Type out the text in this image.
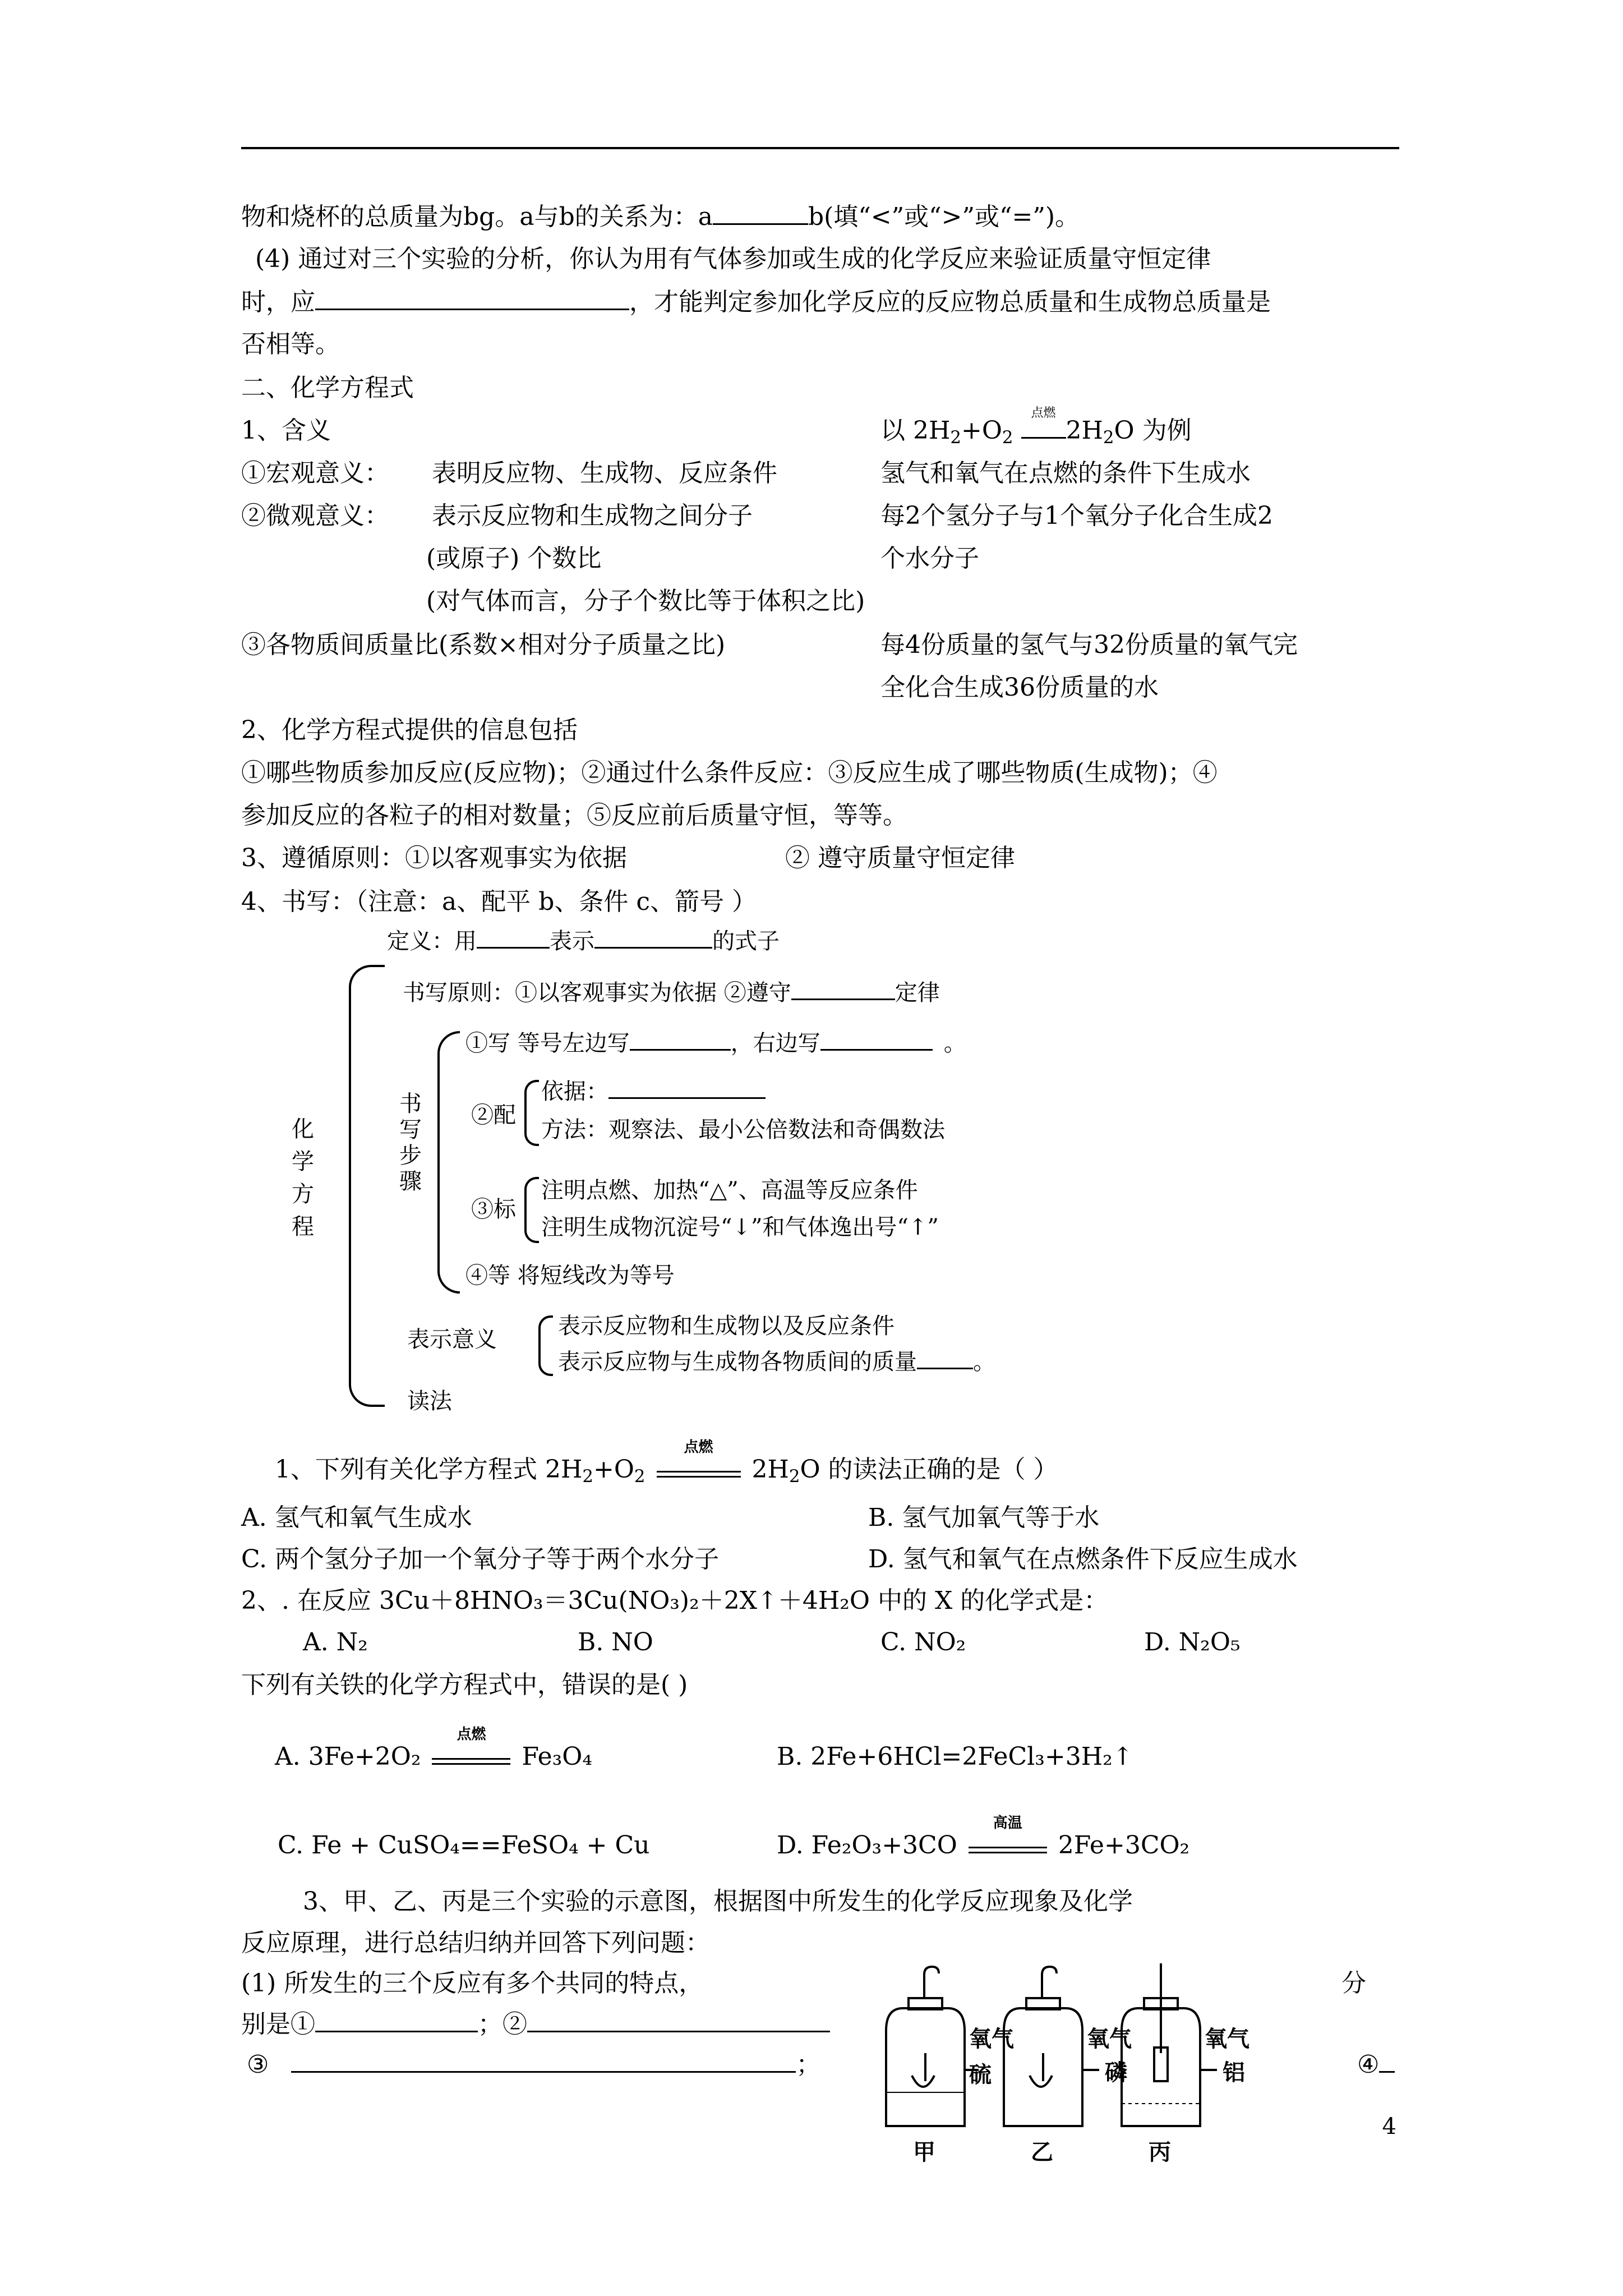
物和烧杯的总质量为bg。a与b的关系为：a	b(填“<”或“>”或“=”)。
(4) 通过对三个实验的分析，你认为用有气体参加或生成的化学反应来验证质量守恒定律
时，应	，才能判定参加化学反应的反应物总质量和生成物总质量是
否相等。
二、化学方程式
1、含义	以 $2H_2+O_2$
点燃
$2H_2O$ 为例
①宏观意义： 表明反应物、生成物、反应条件	氢气和氧气在点燃的条件下生成水
②微观意义： 表示反应物和生成物之间分子	每2个氢分子与1个氧分子化合生成2
(或原子) 个数比	个水分子
(对气体而言，分子个数比等于体积之比)
③各物质间质量比(系数×相对分子质量之比)	每4份质量的氢气与32份质量的氧气完
全化合生成36份质量的水
2、化学方程式提供的信息包括
①哪些物质参加反应(反应物)；②通过什么条件反应：③反应生成了哪些物质(生成物)；④
参加反应的各粒子的相对数量；⑤反应前后质量守恒，等等。
3、遵循原则：①以客观事实为依据	② 遵守质量守恒定律
4、书写：（注意：a、配平 b、条件 c、箭号 ）
化
学
方
程
定义：用	表示	的式子
书写原则：①以客观事实为依据 ②遵守	定律
书
写
步
骤
①写 等号左边写	，右边写	。
②配
依据：
方法：观察法、最小公倍数法和奇偶数法
③标
注明点燃、加热“△”、高温等反应条件
注明生成物沉淀号“↓”和气体逸出号“↑”
④等 将短线改为等号
表示意义
表示反应物和生成物以及反应条件
表示反应物与生成物各物质间的质量	。
读法
1、下列有关化学方程式 $2H_2+O_2$
点燃
$2H_2O$ 的读法正确的是（ ）
A. 氢气和氧气生成水	B. 氢气加氧气等于水
C. 两个氢分子加一个氧分子等于两个水分子	D. 氢气和氧气在点燃条件下反应生成水
2、. 在反应 3Cu＋8HNO₃＝3Cu(NO₃)₂＋2X↑＋4H₂O 中的 X 的化学式是：
A. N₂	B. NO	C. NO₂	D. N₂O₅
下列有关铁的化学方程式中，错误的是( )
A. 3Fe+2O₂
点燃
Fe₃O₄	B. 2Fe+6HCl=2FeCl₃+3H₂↑
C. Fe + CuSO₄==FeSO₄ + Cu	D. Fe₂O₃+3CO
高温
2Fe+3CO₂
3、甲、乙、丙是三个实验的示意图，根据图中所发生的化学反应现象及化学
反应原理，进行总结归纳并回答下列问题：
(1) 所发生的三个反应有多个共同的特点，	分
别是①	；②
③	；	④
氧气
硫
氧气
磷
氧气
铝
甲	乙	丙
4
